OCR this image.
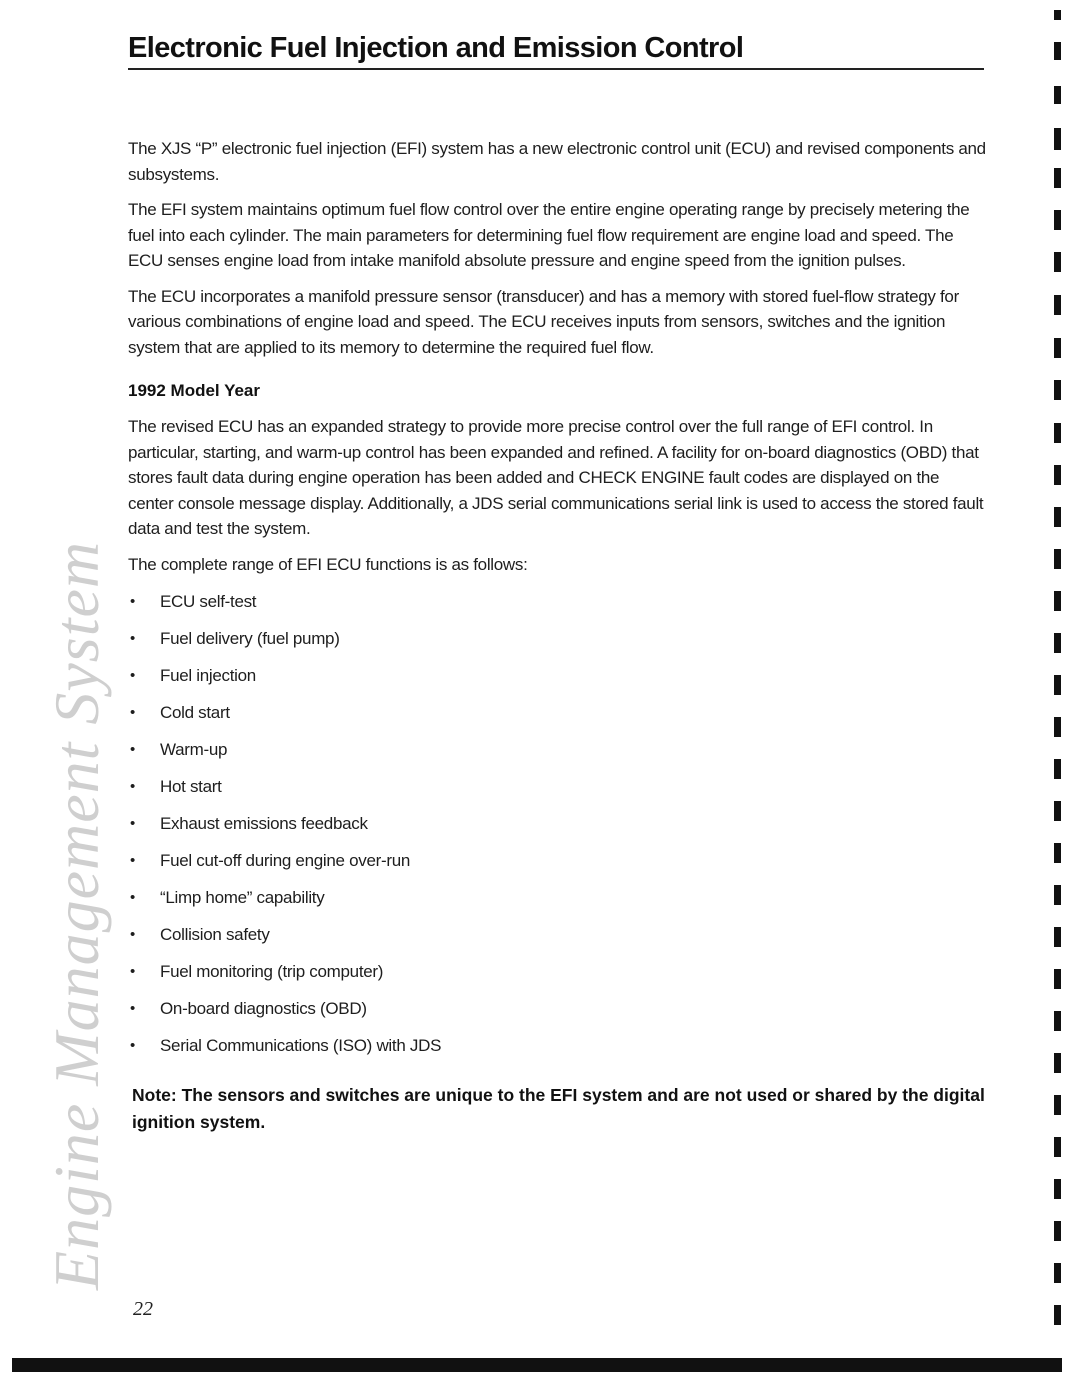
Electronic Fuel Injection and Emission Control
Engine Management System

The XJS “P” electronic fuel injection (EFI) system has a new electronic control unit (ECU) and revised components and subsystems.

The EFI system maintains optimum fuel flow control over the entire engine operating range by precisely metering the fuel into each cylinder. The main parameters for determining fuel flow requirement are engine load and speed. The ECU senses engine load from intake manifold absolute pressure and engine speed from the ignition pulses.

The ECU incorporates a manifold pressure sensor (transducer) and has a memory with stored fuel-flow strategy for various combinations of engine load and speed. The ECU receives inputs from sensors, switches and the ignition system that are applied to its memory to determine the required fuel flow.

1992 Model Year

The revised ECU has an expanded strategy to provide more precise control over the full range of EFI control. In particular, starting, and warm-up control has been expanded and refined. A facility for on-board diagnostics (OBD) that stores fault data during engine operation has been added and CHECK ENGINE fault codes are displayed on the center console message display. Additionally, a JDS serial communications serial link is used to access the stored fault data and test the system.

The complete range of EFI ECU functions is as follows:

• ECU self-test
• Fuel delivery (fuel pump)
• Fuel injection
• Cold start
• Warm-up
• Hot start
• Exhaust emissions feedback
• Fuel cut-off during engine over-run
• “Limp home” capability
• Collision safety
• Fuel monitoring (trip computer)
• On-board diagnostics (OBD)
• Serial Communications (ISO) with JDS

Note: The sensors and switches are unique to the EFI system and are not used or shared by the digital ignition system.

22
